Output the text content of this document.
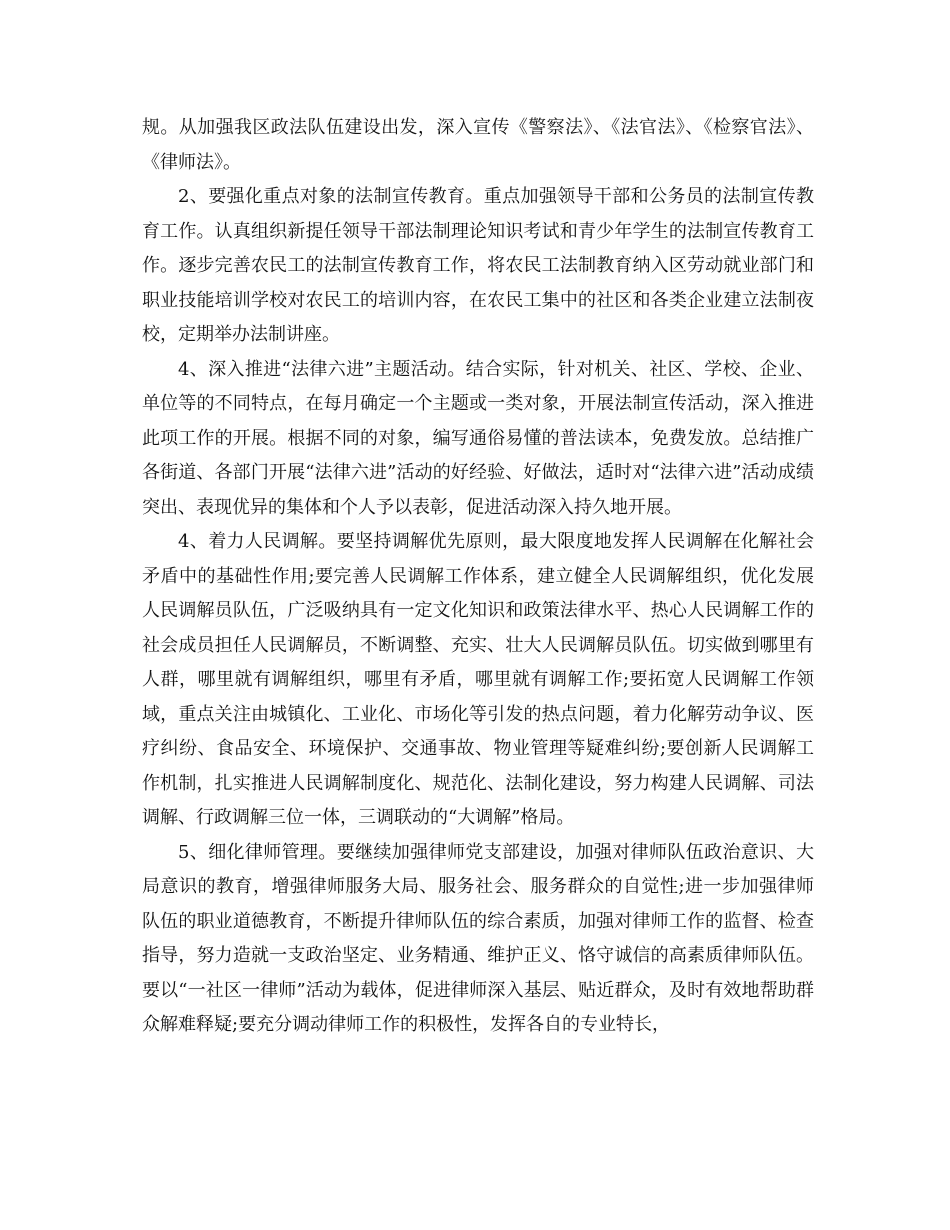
规。从加强我区政法队伍建设出发，深入宣传《警察法》、《法官法》、《检察官法》、《律师法》。

2、要强化重点对象的法制宣传教育。重点加强领导干部和公务员的法制宣传教育工作。认真组织新提任领导干部法制理论知识考试和青少年学生的法制宣传教育工作。逐步完善农民工的法制宣传教育工作，将农民工法制教育纳入区劳动就业部门和职业技能培训学校对农民工的培训内容，在农民工集中的社区和各类企业建立法制夜校，定期举办法制讲座。

4、深入推进“法律六进”主题活动。结合实际，针对机关、社区、学校、企业、单位等的不同特点，在每月确定一个主题或一类对象，开展法制宣传活动，深入推进此项工作的开展。根据不同的对象，编写通俗易懂的普法读本，免费发放。总结推广各街道、各部门开展“法律六进”活动的好经验、好做法，适时对“法律六进”活动成绩突出、表现优异的集体和个人予以表彰，促进活动深入持久地开展。

4、着力人民调解。要坚持调解优先原则，最大限度地发挥人民调解在化解社会矛盾中的基础性作用;要完善人民调解工作体系，建立健全人民调解组织，优化发展人民调解员队伍，广泛吸纳具有一定文化知识和政策法律水平、热心人民调解工作的社会成员担任人民调解员，不断调整、充实、壮大人民调解员队伍。切实做到哪里有人群，哪里就有调解组织，哪里有矛盾，哪里就有调解工作;要拓宽人民调解工作领域，重点关注由城镇化、工业化、市场化等引发的热点问题，着力化解劳动争议、医疗纠纷、食品安全、环境保护、交通事故、物业管理等疑难纠纷;要创新人民调解工作机制，扎实推进人民调解制度化、规范化、法制化建设，努力构建人民调解、司法调解、行政调解三位一体，三调联动的“大调解”格局。

5、细化律师管理。要继续加强律师党支部建设，加强对律师队伍政治意识、大局意识的教育，增强律师服务大局、服务社会、服务群众的自觉性;进一步加强律师队伍的职业道德教育，不断提升律师队伍的综合素质，加强对律师工作的监督、检查指导，努力造就一支政治坚定、业务精通、维护正义、恪守诚信的高素质律师队伍。要以“一社区一律师”活动为载体，促进律师深入基层、贴近群众，及时有效地帮助群众解难释疑;要充分调动律师工作的积极性，发挥各自的专业特长，
